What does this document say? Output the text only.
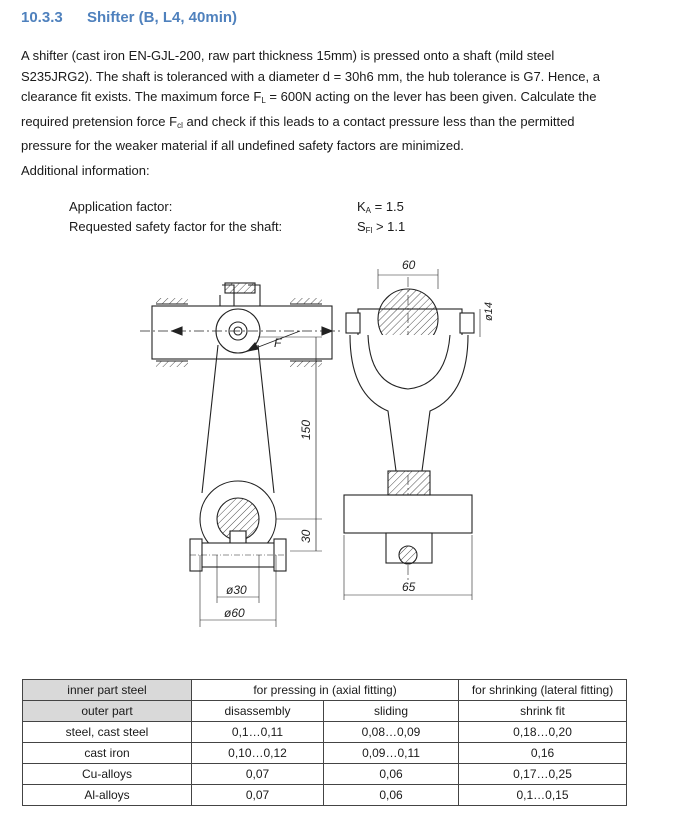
10.3.3 Shifter (B, L4, 40min)
A shifter (cast iron EN-GJL-200, raw part thickness 15mm) is pressed onto a shaft (mild steel
S235JRG2). The shaft is toleranced with a diameter d = 30h6 mm, the hub tolerance is G7. Hence, a
clearance fit exists. The maximum force $F_L = 600N$ acting on the lever has been given. Calculate the
required pretension force $F_{cl}$ and check if this leads to a contact pressure less than the permitted
pressure for the weaker material if all undefined safety factors are minimized.
Additional information:
Application factor:	$K_A = 1.5$
Requested safety factor for the shaft:	$S_{Fl} > 1.1$
F
150
30
ø30
ø60
60
ø14
65
inner part steel	for pressing in (axial fitting)		for shrinking (lateral fitting)
outer part	disassembly	sliding	shrink fit
steel, cast steel	0,1…0,11	0,08…0,09	0,18…0,20
cast iron	0,10…0,12	0,09…0,11	0,16
Cu-alloys	0,07	0,06	0,17…0,25
Al-alloys	0,07	0,06	0,1…0,15
